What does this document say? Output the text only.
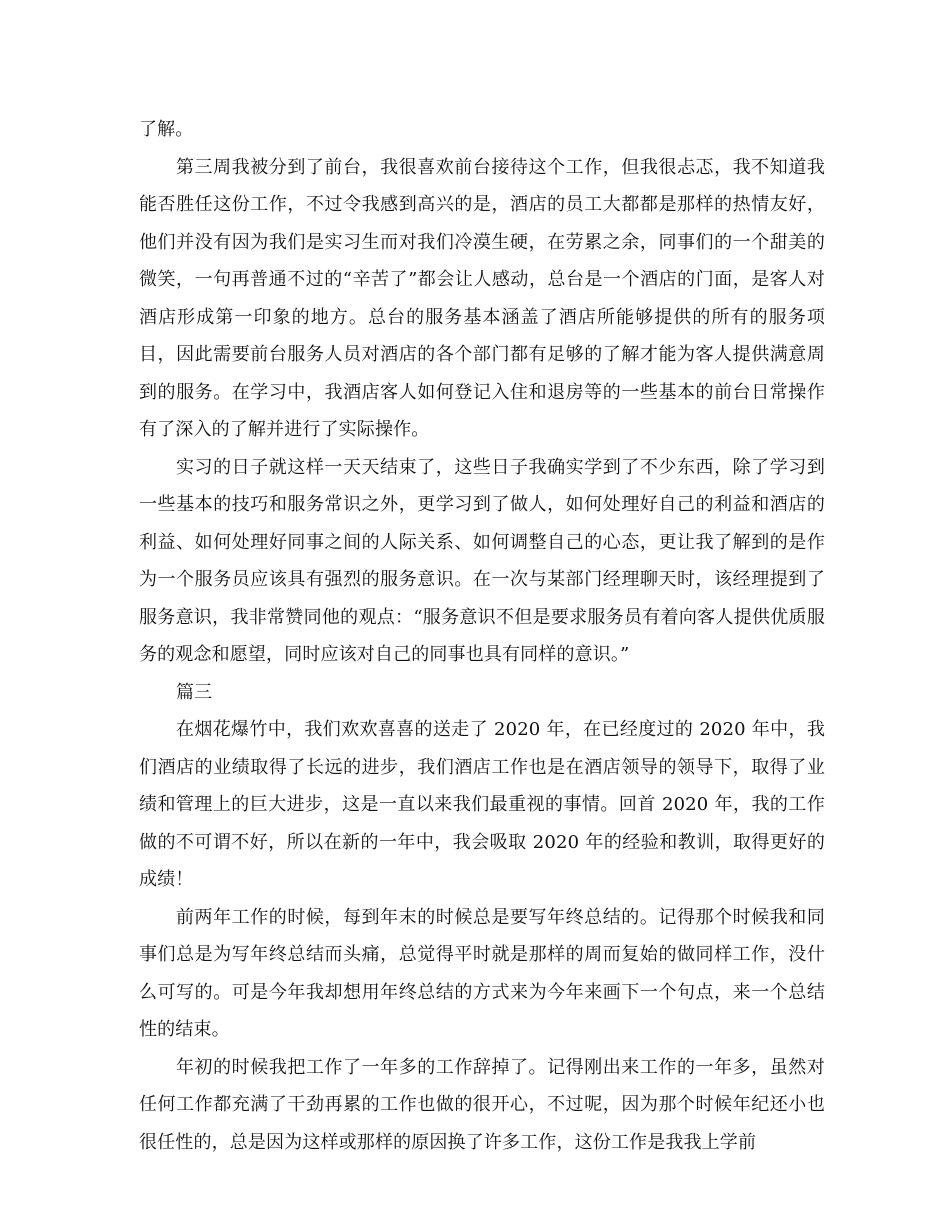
了解。

第三周我被分到了前台，我很喜欢前台接待这个工作，但我很忐忑，我不知道我能否胜任这份工作，不过令我感到高兴的是，酒店的员工大都都是那样的热情友好，他们并没有因为我们是实习生而对我们冷漠生硬，在劳累之余，同事们的一个甜美的微笑，一句再普通不过的“辛苦了”都会让人感动，总台是一个酒店的门面，是客人对酒店形成第一印象的地方。总台的服务基本涵盖了酒店所能够提供的所有的服务项目，因此需要前台服务人员对酒店的各个部门都有足够的了解才能为客人提供满意周到的服务。在学习中，我酒店客人如何登记入住和退房等的一些基本的前台日常操作有了深入的了解并进行了实际操作。

实习的日子就这样一天天结束了，这些日子我确实学到了不少东西，除了学习到一些基本的技巧和服务常识之外，更学习到了做人，如何处理好自己的利益和酒店的利益、如何处理好同事之间的人际关系、如何调整自己的心态，更让我了解到的是作为一个服务员应该具有强烈的服务意识。在一次与某部门经理聊天时，该经理提到了服务意识，我非常赞同他的观点：“服务意识不但是要求服务员有着向客人提供优质服务的观念和愿望，同时应该对自己的同事也具有同样的意识。”

篇三

在烟花爆竹中，我们欢欢喜喜的送走了 2020 年，在已经度过的 2020 年中，我们酒店的业绩取得了长远的进步，我们酒店工作也是在酒店领导的领导下，取得了业绩和管理上的巨大进步，这是一直以来我们最重视的事情。回首 2020 年，我的工作做的不可谓不好，所以在新的一年中，我会吸取 2020 年的经验和教训，取得更好的成绩！

前两年工作的时候，每到年末的时候总是要写年终总结的。记得那个时候我和同事们总是为写年终总结而头痛，总觉得平时就是那样的周而复始的做同样工作，没什么可写的。可是今年我却想用年终总结的方式来为今年来画下一个句点，来一个总结性的结束。

年初的时候我把工作了一年多的工作辞掉了。记得刚出来工作的一年多，虽然对任何工作都充满了干劲再累的工作也做的很开心，不过呢，因为那个时候年纪还小也很任性的，总是因为这样或那样的原因换了许多工作，这份工作是我我上学前
